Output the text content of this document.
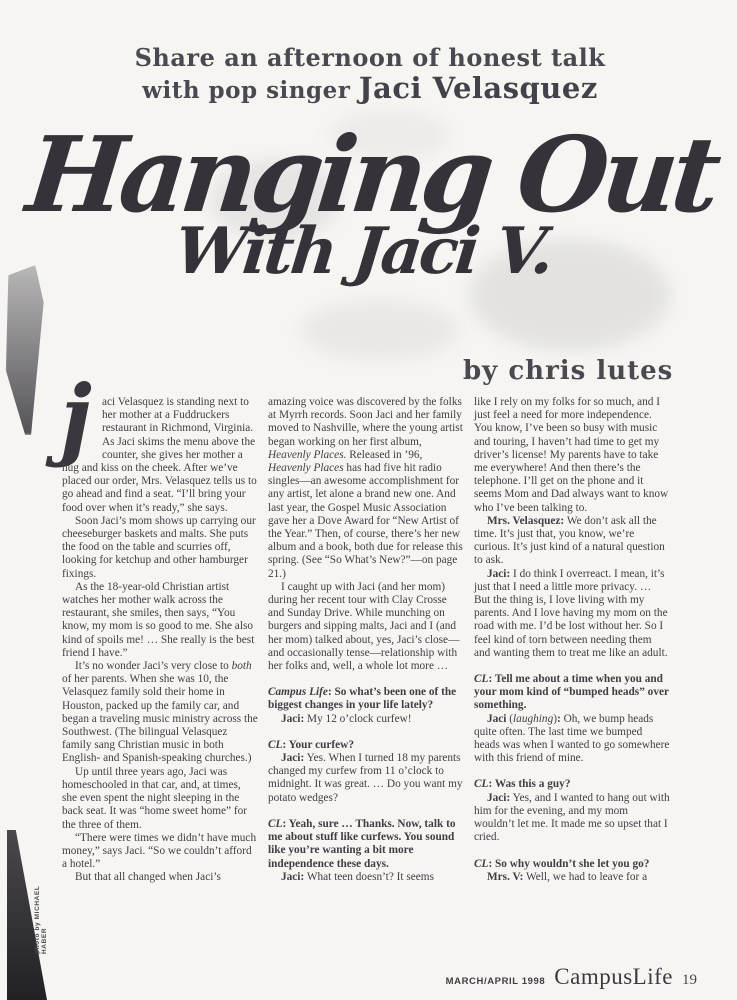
Share an afternoon of honest talk
with pop singer Jaci Velasquez
Hanging Out
With Jaci V.
by chris lutes

jaci Velasquez is standing next to her mother at a Fuddruckers restaurant in Richmond, Virginia. As Jaci skims the menu above the counter, she gives her mother a hug and kiss on the cheek. After we’ve placed our order, Mrs. Velasquez tells us to go ahead and find a seat. “I’ll bring your food over when it’s ready,” she says.

Soon Jaci’s mom shows up carrying our cheeseburger baskets and malts. She puts the food on the table and scurries off, looking for ketchup and other hamburger fixings.

As the 18-year-old Christian artist watches her mother walk across the restaurant, she smiles, then says, “You know, my mom is so good to me. She also kind of spoils me! … She really is the best friend I have.”

It’s no wonder Jaci’s very close to both of her parents. When she was 10, the Velasquez family sold their home in Houston, packed up the family car, and began a traveling music ministry across the Southwest. (The bilingual Velasquez family sang Christian music in both English- and Spanish-speaking churches.)

Up until three years ago, Jaci was homeschooled in that car, and, at times, she even spent the night sleeping in the back seat. It was “home sweet home” for the three of them.

“There were times we didn’t have much money,” says Jaci. “So we couldn’t afford a hotel.”

But that all changed when Jaci’s

amazing voice was discovered by the folks at Myrrh records. Soon Jaci and her family moved to Nashville, where the young artist began working on her first album, Heavenly Places. Released in ’96, Heavenly Places has had five hit radio singles—an awesome accomplishment for any artist, let alone a brand new one. And last year, the Gospel Music Association gave her a Dove Award for “New Artist of the Year.” Then, of course, there’s her new album and a book, both due for release this spring. (See “So What’s New?”—on page 21.)

I caught up with Jaci (and her mom) during her recent tour with Clay Crosse and Sunday Drive. While munching on burgers and sipping malts, Jaci and I (and her mom) talked about, yes, Jaci’s close—and occasionally tense—relationship with her folks and, well, a whole lot more …

Campus Life: So what’s been one of the biggest changes in your life lately?

Jaci: My 12 o’clock curfew!

CL: Your curfew?

Jaci: Yes. When I turned 18 my parents changed my curfew from 11 o’clock to midnight. It was great. … Do you want my potato wedges?

CL: Yeah, sure … Thanks. Now, talk to me about stuff like curfews. You sound like you’re wanting a bit more independence these days.

Jaci: What teen doesn’t? It seems

like I rely on my folks for so much, and I just feel a need for more independence. You know, I’ve been so busy with music and touring, I haven’t had time to get my driver’s license! My parents have to take me everywhere! And then there’s the telephone. I’ll get on the phone and it seems Mom and Dad always want to know who I’ve been talking to.

Mrs. Velasquez: We don’t ask all the time. It’s just that, you know, we’re curious. It’s just kind of a natural question to ask.

Jaci: I do think I overreact. I mean, it’s just that I need a little more privacy. … But the thing is, I love living with my parents. And I love having my mom on the road with me. I’d be lost without her. So I feel kind of torn between needing them and wanting them to treat me like an adult.

CL: Tell me about a time when you and your mom kind of “bumped heads” over something.

Jaci (laughing): Oh, we bump heads quite often. The last time we bumped heads was when I wanted to go somewhere with this friend of mine.

CL: Was this a guy?

Jaci: Yes, and I wanted to hang out with him for the evening, and my mom wouldn’t let me. It made me so upset that I cried.

CL: So why wouldn’t she let you go?

Mrs. V: Well, we had to leave for a

photo by MICHAEL HABER
MARCH/APRIL 1998 CampusLife 19
